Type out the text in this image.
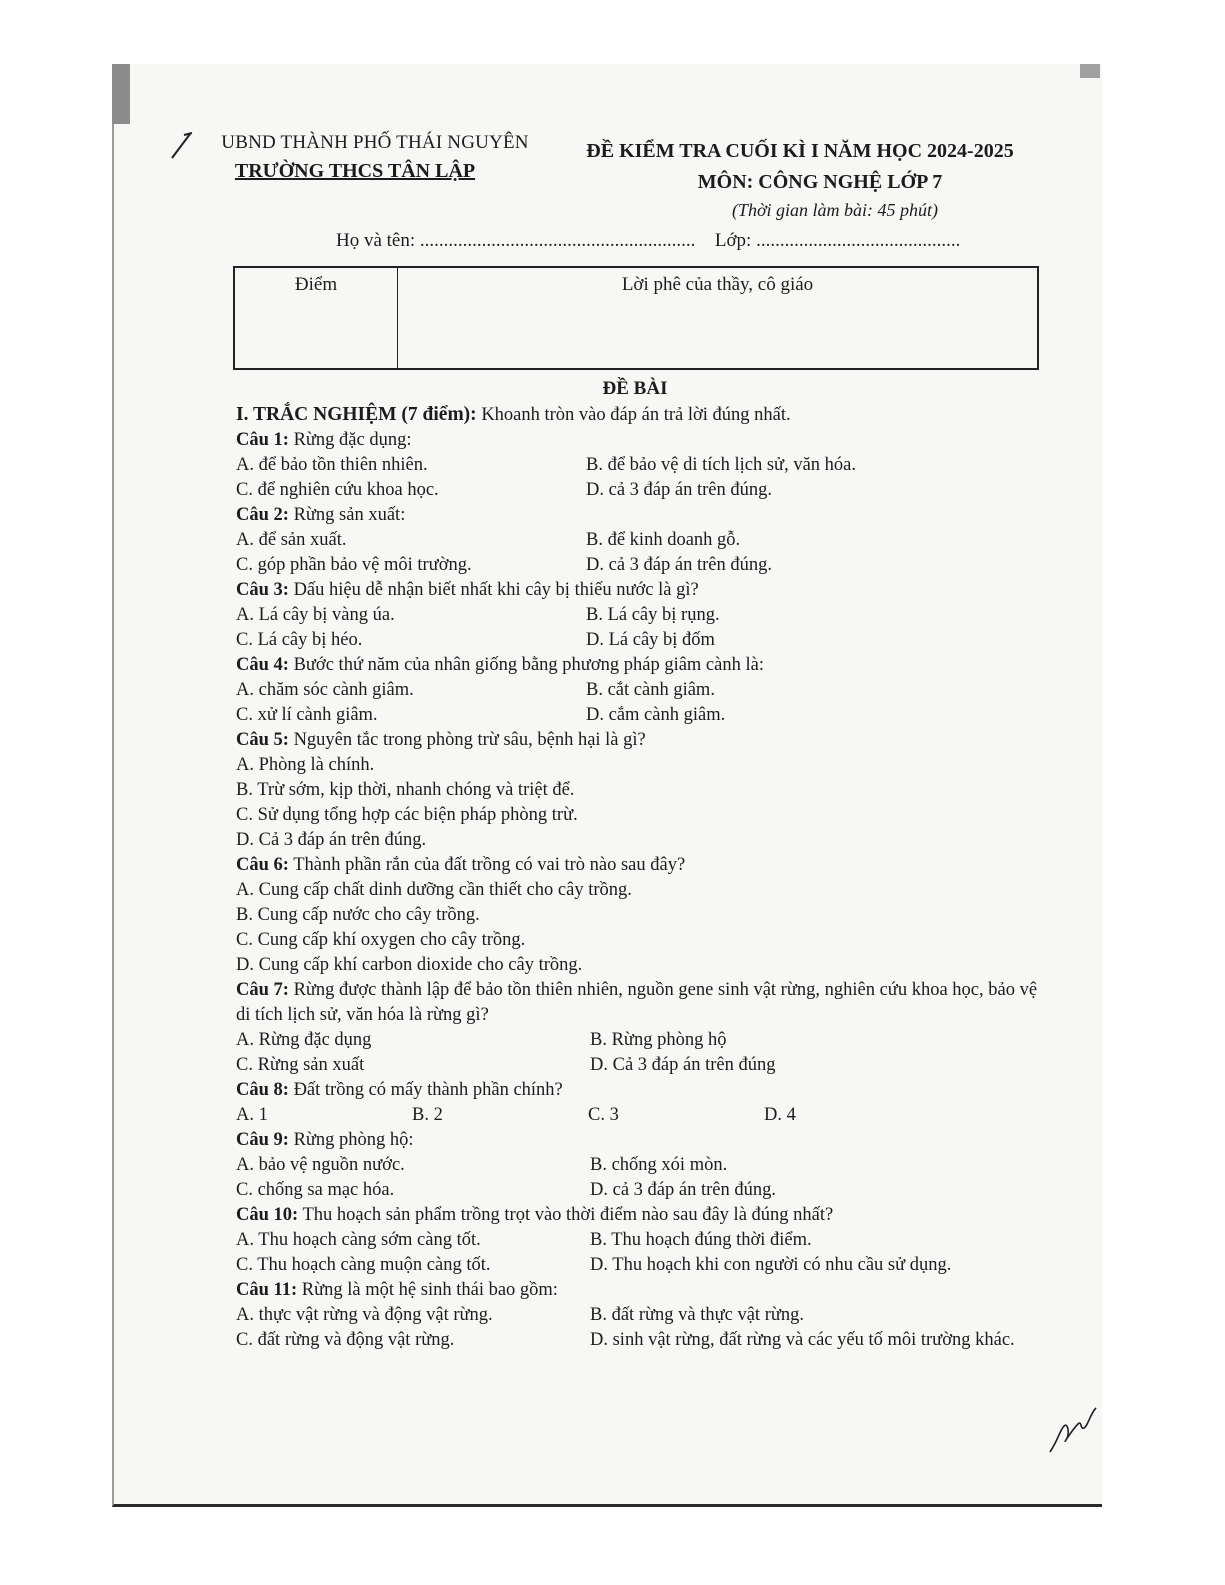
UBND THÀNH PHỐ THÁI NGUYÊN
TRƯỜNG THCS TÂN LẬP
ĐỀ KIỂM TRA CUỐI KÌ I NĂM HỌC 2024-2025
MÔN: CÔNG NGHỆ LỚP 7
(Thời gian làm bài: 45 phút)
Họ và tên: .......................................................... Lớp: ...........................................
Điểm	Lời phê của thầy, cô giáo
ĐỀ BÀI
I. TRẮC NGHIỆM (7 điểm): Khoanh tròn vào đáp án trả lời đúng nhất.
Câu 1: Rừng đặc dụng:
A. để bảo tồn thiên nhiên.	B. để bảo vệ di tích lịch sử, văn hóa.
C. để nghiên cứu khoa học.	D. cả 3 đáp án trên đúng.
Câu 2: Rừng sản xuất:
A. để sản xuất.	B. để kinh doanh gỗ.
C. góp phần bảo vệ môi trường.	D. cả 3 đáp án trên đúng.
Câu 3: Dấu hiệu dễ nhận biết nhất khi cây bị thiếu nước là gì?
A. Lá cây bị vàng úa.	B. Lá cây bị rụng.
C. Lá cây bị héo.	D. Lá cây bị đốm
Câu 4: Bước thứ năm của nhân giống bằng phương pháp giâm cành là:
A. chăm sóc cành giâm.	B. cắt cành giâm.
C. xử lí cành giâm.	D. cắm cành giâm.
Câu 5: Nguyên tắc trong phòng trừ sâu, bệnh hại là gì?
A. Phòng là chính.
B. Trừ sớm, kịp thời, nhanh chóng và triệt để.
C. Sử dụng tổng hợp các biện pháp phòng trừ.
D. Cả 3 đáp án trên đúng.
Câu 6: Thành phần rắn của đất trồng có vai trò nào sau đây?
A. Cung cấp chất dinh dưỡng cần thiết cho cây trồng.
B. Cung cấp nước cho cây trồng.
C. Cung cấp khí oxygen cho cây trồng.
D. Cung cấp khí carbon dioxide cho cây trồng.
Câu 7: Rừng được thành lập để bảo tồn thiên nhiên, nguồn gene sinh vật rừng, nghiên cứu khoa học, bảo vệ di tích lịch sử, văn hóa là rừng gì?
A. Rừng đặc dụng	B. Rừng phòng hộ
C. Rừng sản xuất	D. Cả 3 đáp án trên đúng
Câu 8: Đất trồng có mấy thành phần chính?
A. 1	B. 2	C. 3	D. 4
Câu 9: Rừng phòng hộ:
A. bảo vệ nguồn nước.	B. chống xói mòn.
C. chống sa mạc hóa.	D. cả 3 đáp án trên đúng.
Câu 10: Thu hoạch sản phẩm trồng trọt vào thời điểm nào sau đây là đúng nhất?
A. Thu hoạch càng sớm càng tốt.	B. Thu hoạch đúng thời điểm.
C. Thu hoạch càng muộn càng tốt.	D. Thu hoạch khi con người có nhu cầu sử dụng.
Câu 11: Rừng là một hệ sinh thái bao gồm:
A. thực vật rừng và động vật rừng.	B. đất rừng và thực vật rừng.
C. đất rừng và động vật rừng.	D. sinh vật rừng, đất rừng và các yếu tố môi trường khác.
